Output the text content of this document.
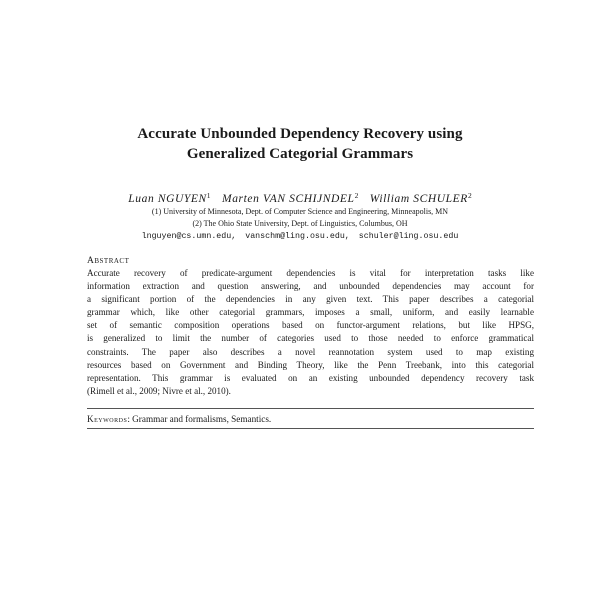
Accurate Unbounded Dependency Recovery using
Generalized Categorial Grammars
Luan NGUYEN$^1$ Marten VAN SCHIJNDEL$^2$ William SCHULER$^2$
(1) University of Minnesota, Dept. of Computer Science and Engineering, Minneapolis, MN
(2) The Ohio State University, Dept. of Linguistics, Columbus, OH
lnguyen@cs.umn.edu, vanschm@ling.osu.edu, schuler@ling.osu.edu
Abstract
Accurate recovery of predicate-argument dependencies is vital for interpretation tasks like
information extraction and question answering, and unbounded dependencies may account for
a significant portion of the dependencies in any given text. This paper describes a categorial
grammar which, like other categorial grammars, imposes a small, uniform, and easily learnable
set of semantic composition operations based on functor-argument relations, but like HPSG,
is generalized to limit the number of categories used to those needed to enforce grammatical
constraints. The paper also describes a novel reannotation system used to map existing
resources based on Government and Binding Theory, like the Penn Treebank, into this categorial
representation. This grammar is evaluated on an existing unbounded dependency recovery task
(Rimell et al., 2009; Nivre et al., 2010).
Keywords: Grammar and formalisms, Semantics.
